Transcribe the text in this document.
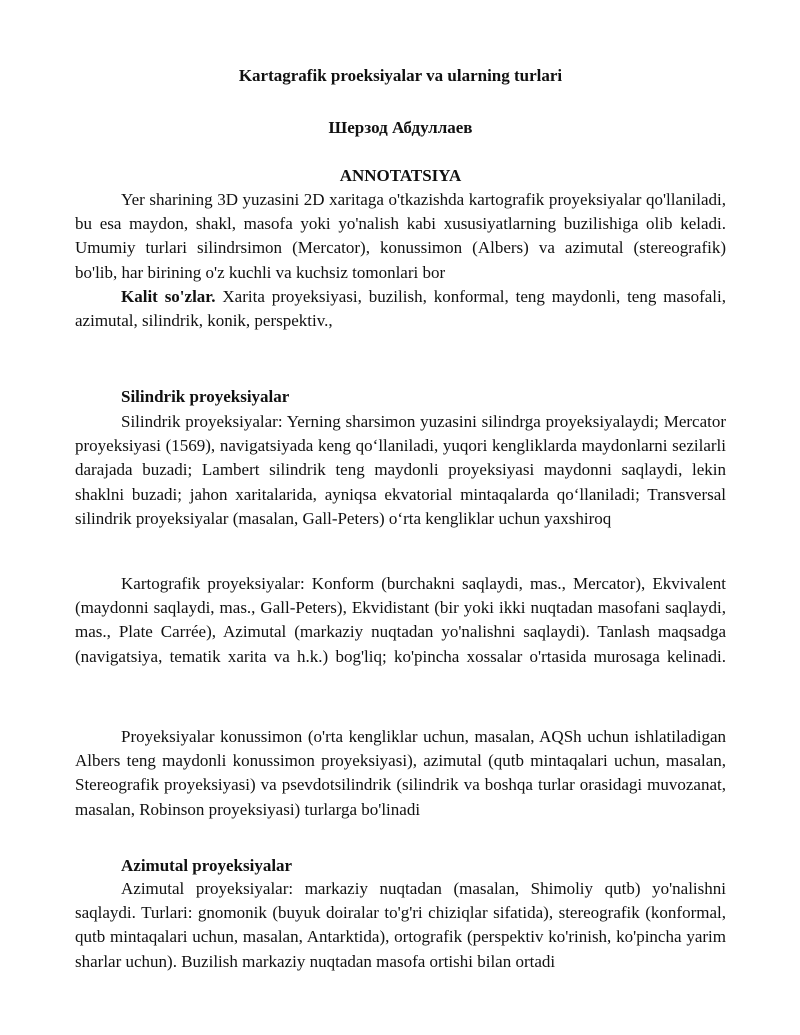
Kartagrafik proeksiyalar va ularning turlari
Шерзод Абдуллаев
ANNOTATSIYA

Yer sharining 3D yuzasini 2D xaritaga o'tkazishda kartografik proyeksiyalar qo'llaniladi, bu esa maydon, shakl, masofa yoki yo'nalish kabi xususiyatlarning buzilishiga olib keladi. Umumiy turlari silindrsimon (Mercator), konussimon (Albers) va azimutal (stereografik) bo'lib, har birining o'z kuchli va kuchsiz tomonlari bor

Kalit so'zlar. Xarita proyeksiyasi, buzilish, konformal, teng maydonli, teng masofali, azimutal, silindrik, konik, perspektiv.,

Silindrik proyeksiyalar

Silindrik proyeksiyalar: Yerning sharsimon yuzasini silindrga proyeksiyalaydi; Mercator proyeksiyasi (1569), navigatsiyada keng qo‘llaniladi, yuqori kengliklarda maydonlarni sezilarli darajada buzadi; Lambert silindrik teng maydonli proyeksiyasi maydonni saqlaydi, lekin shaklni buzadi; jahon xaritalarida, ayniqsa ekvatorial mintaqalarda qo‘llaniladi; Transversal silindrik proyeksiyalar (masalan, Gall-Peters) o‘rta kengliklar uchun yaxshiroq

Kartografik proyeksiyalar: Konform (burchakni saqlaydi, mas., Mercator), Ekvivalent (maydonni saqlaydi, mas., Gall-Peters), Ekvidistant (bir yoki ikki nuqtadan masofani saqlaydi, mas., Plate Carrée), Azimutal (markaziy nuqtadan yo'nalishni saqlaydi). Tanlash maqsadga (navigatsiya, tematik xarita va h.k.) bog'liq; ko'pincha xossalar o'rtasida murosaga kelinadi.

Proyeksiyalar konussimon (o'rta kengliklar uchun, masalan, AQSh uchun ishlatiladigan Albers teng maydonli konussimon proyeksiyasi), azimutal (qutb mintaqalari uchun, masalan, Stereografik proyeksiyasi) va psevdotsilindrik (silindrik va boshqa turlar orasidagi muvozanat, masalan, Robinson proyeksiyasi) turlarga bo'linadi

Azimutal proyeksiyalar

Azimutal proyeksiyalar: markaziy nuqtadan (masalan, Shimoliy qutb) yo'nalishni saqlaydi. Turlari: gnomonik (buyuk doiralar to'g'ri chiziqlar sifatida), stereografik (konformal, qutb mintaqalari uchun, masalan, Antarktida), ortografik (perspektiv ko'rinish, ko'pincha yarim sharlar uchun). Buzilish markaziy nuqtadan masofa ortishi bilan ortadi
